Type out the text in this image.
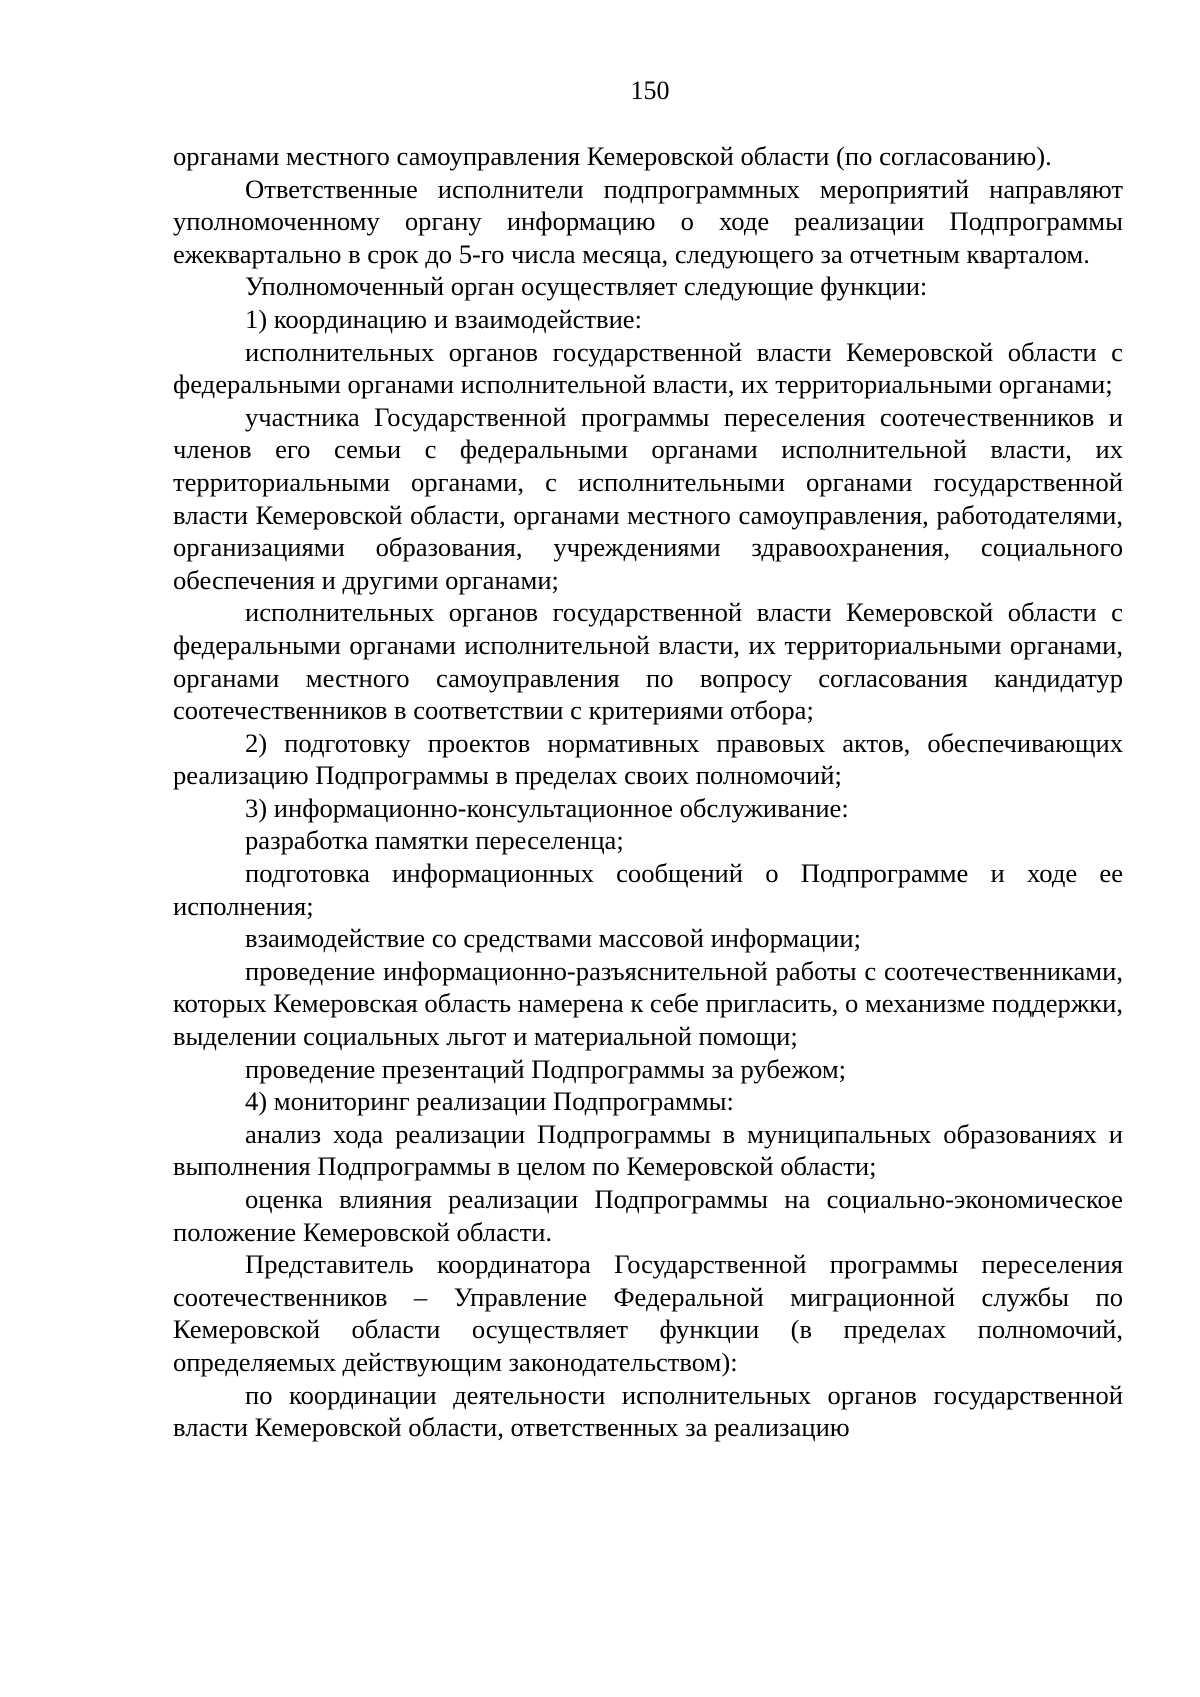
150

органами местного самоуправления Кемеровской области (по согласованию).

Ответственные исполнители подпрограммных мероприятий направляют уполномоченному органу информацию о ходе реализации Подпрограммы ежеквартально в срок до 5-го числа месяца, следующего за отчетным кварталом.

Уполномоченный орган осуществляет следующие функции:

1) координацию и взаимодействие:

исполнительных органов государственной власти Кемеровской области с федеральными органами исполнительной власти, их территориальными органами;

участника Государственной программы переселения соотечественников и членов его семьи с федеральными органами исполнительной власти, их территориальными органами, с исполнительными органами государственной власти Кемеровской области, органами местного самоуправления, работодателями, организациями образования, учреждениями здравоохранения, социального обеспечения и другими органами;

исполнительных органов государственной власти Кемеровской области с федеральными органами исполнительной власти, их территориальными органами, органами местного самоуправления по вопросу согласования кандидатур соотечественников в соответствии с критериями отбора;

2) подготовку проектов нормативных правовых актов, обеспечивающих реализацию Подпрограммы в пределах своих полномочий;

3) информационно-консультационное обслуживание:

разработка памятки переселенца;

подготовка информационных сообщений о Подпрограмме и ходе ее исполнения;

взаимодействие со средствами массовой информации;

проведение информационно-разъяснительной работы с соотечественниками, которых Кемеровская область намерена к себе пригласить, о механизме поддержки, выделении социальных льгот и материальной помощи;

проведение презентаций Подпрограммы за рубежом;

4) мониторинг реализации Подпрограммы:

анализ хода реализации Подпрограммы в муниципальных образованиях и выполнения Подпрограммы в целом по Кемеровской области;

оценка влияния реализации Подпрограммы на социально-экономическое положение Кемеровской области.

Представитель координатора Государственной программы переселения соотечественников – Управление Федеральной миграционной службы по Кемеровской области осуществляет функции (в пределах полномочий, определяемых действующим законодательством):

по координации деятельности исполнительных органов государственной власти Кемеровской области, ответственных за реализацию
